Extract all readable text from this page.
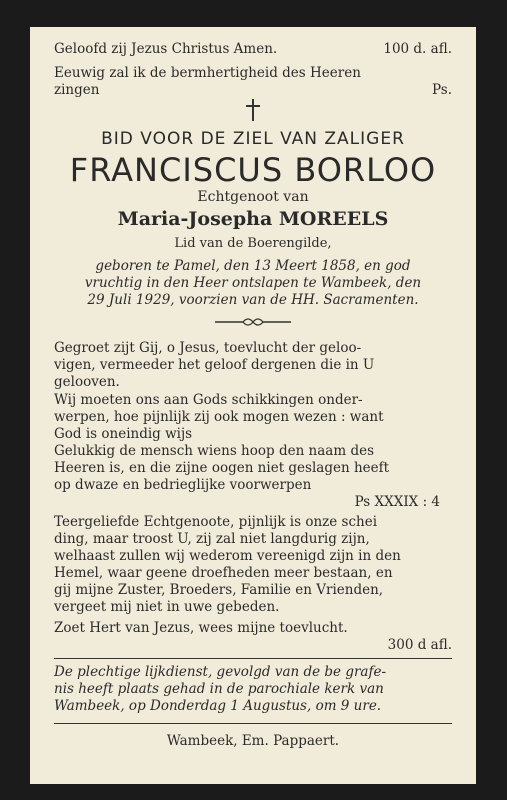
Geloofd zij Jezus Christus Amen.	100 d. afl.
Eeuwig zal ik de bermhertigheid des Heeren
zingen	Ps.
BID VOOR DE ZIEL VAN ZALIGER
FRANCISCUS BORLOO
Echtgenoot van
Maria-Josepha MOREELS
Lid van de Boerengilde,
geboren te Pamel, den 13 Meert 1858, en god
vruchtig in den Heer ontslapen te Wambeek, den
29 Juli 1929, voorzien van de HH. Sacramenten.
Gegroet zijt Gij, o Jesus, toevlucht der geloo-
vigen, vermeeder het geloof dergenen die in U
gelooven.
Wij moeten ons aan Gods schikkingen onder-
werpen, hoe pijnlijk zij ook mogen wezen : want
God is oneindig wijs
Gelukkig de mensch wiens hoop den naam des
Heeren is, en die zijne oogen niet geslagen heeft
op dwaze en bedrieglijke voorwerpen
Ps XXXIX : 4
Teergeliefde Echtgenoote, pijnlijk is onze schei
ding, maar troost U, zij zal niet langdurig zijn,
welhaast zullen wij wederom vereenigd zijn in den
Hemel, waar geene droefheden meer bestaan, en
gij mijne Zuster, Broeders, Familie en Vrienden,
vergeet mij niet in uwe gebeden.
Zoet Hert van Jezus, wees mijne toevlucht.
300 d afl.
De plechtige lijkdienst, gevolgd van de be grafe-
nis heeft plaats gehad in de parochiale kerk van
Wambeek, op Donderdag 1 Augustus, om 9 ure.
Wambeek, Em. Pappaert.
